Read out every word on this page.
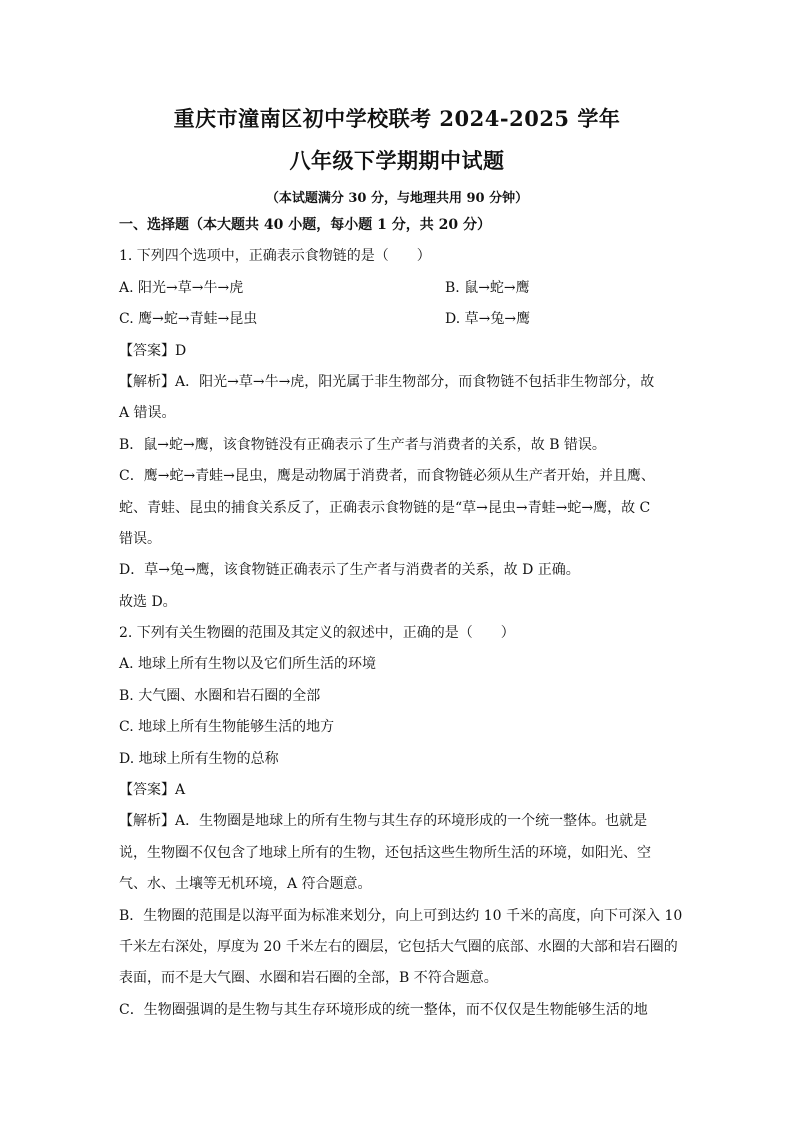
重庆市潼南区初中学校联考 2024-2025 学年
八年级下学期期中试题
（本试题满分 30 分，与地理共用 90 分钟）
一、选择题（本大题共 40 小题，每小题 1 分，共 20 分）
1. 下列四个选项中，正确表示食物链的是（　　）
A. 阳光→草→牛→虎	B. 鼠→蛇→鹰
C. 鹰→蛇→青蛙→昆虫	D. 草→兔→鹰
【答案】D
【解析】A．阳光→草→牛→虎，阳光属于非生物部分，而食物链不包括非生物部分，故
A 错误。
B．鼠→蛇→鹰，该食物链没有正确表示了生产者与消费者的关系，故 B 错误。
C．鹰→蛇→青蛙→昆虫，鹰是动物属于消费者，而食物链必须从生产者开始，并且鹰、
蛇、青蛙、昆虫的捕食关系反了，正确表示食物链的是“草→昆虫→青蛙→蛇→鹰，故 C
错误。
D．草→兔→鹰，该食物链正确表示了生产者与消费者的关系，故 D 正确。
故选 D。
2. 下列有关生物圈的范围及其定义的叙述中，正确的是（　　）
A. 地球上所有生物以及它们所生活的环境
B. 大气圈、水圈和岩石圈的全部
C. 地球上所有生物能够生活的地方
D. 地球上所有生物的总称
【答案】A
【解析】A．生物圈是地球上的所有生物与其生存的环境形成的一个统一整体。也就是
说，生物圈不仅包含了地球上所有的生物，还包括这些生物所生活的环境，如阳光、空
气、水、土壤等无机环境，A 符合题意。
B．生物圈的范围是以海平面为标准来划分，向上可到达约 10 千米的高度，向下可深入 10
千米左右深处，厚度为 20 千米左右的圈层，它包括大气圈的底部、水圈的大部和岩石圈的
表面，而不是大气圈、水圈和岩石圈的全部，B 不符合题意。
C．生物圈强调的是生物与其生存环境形成的统一整体，而不仅仅是生物能够生活的地
